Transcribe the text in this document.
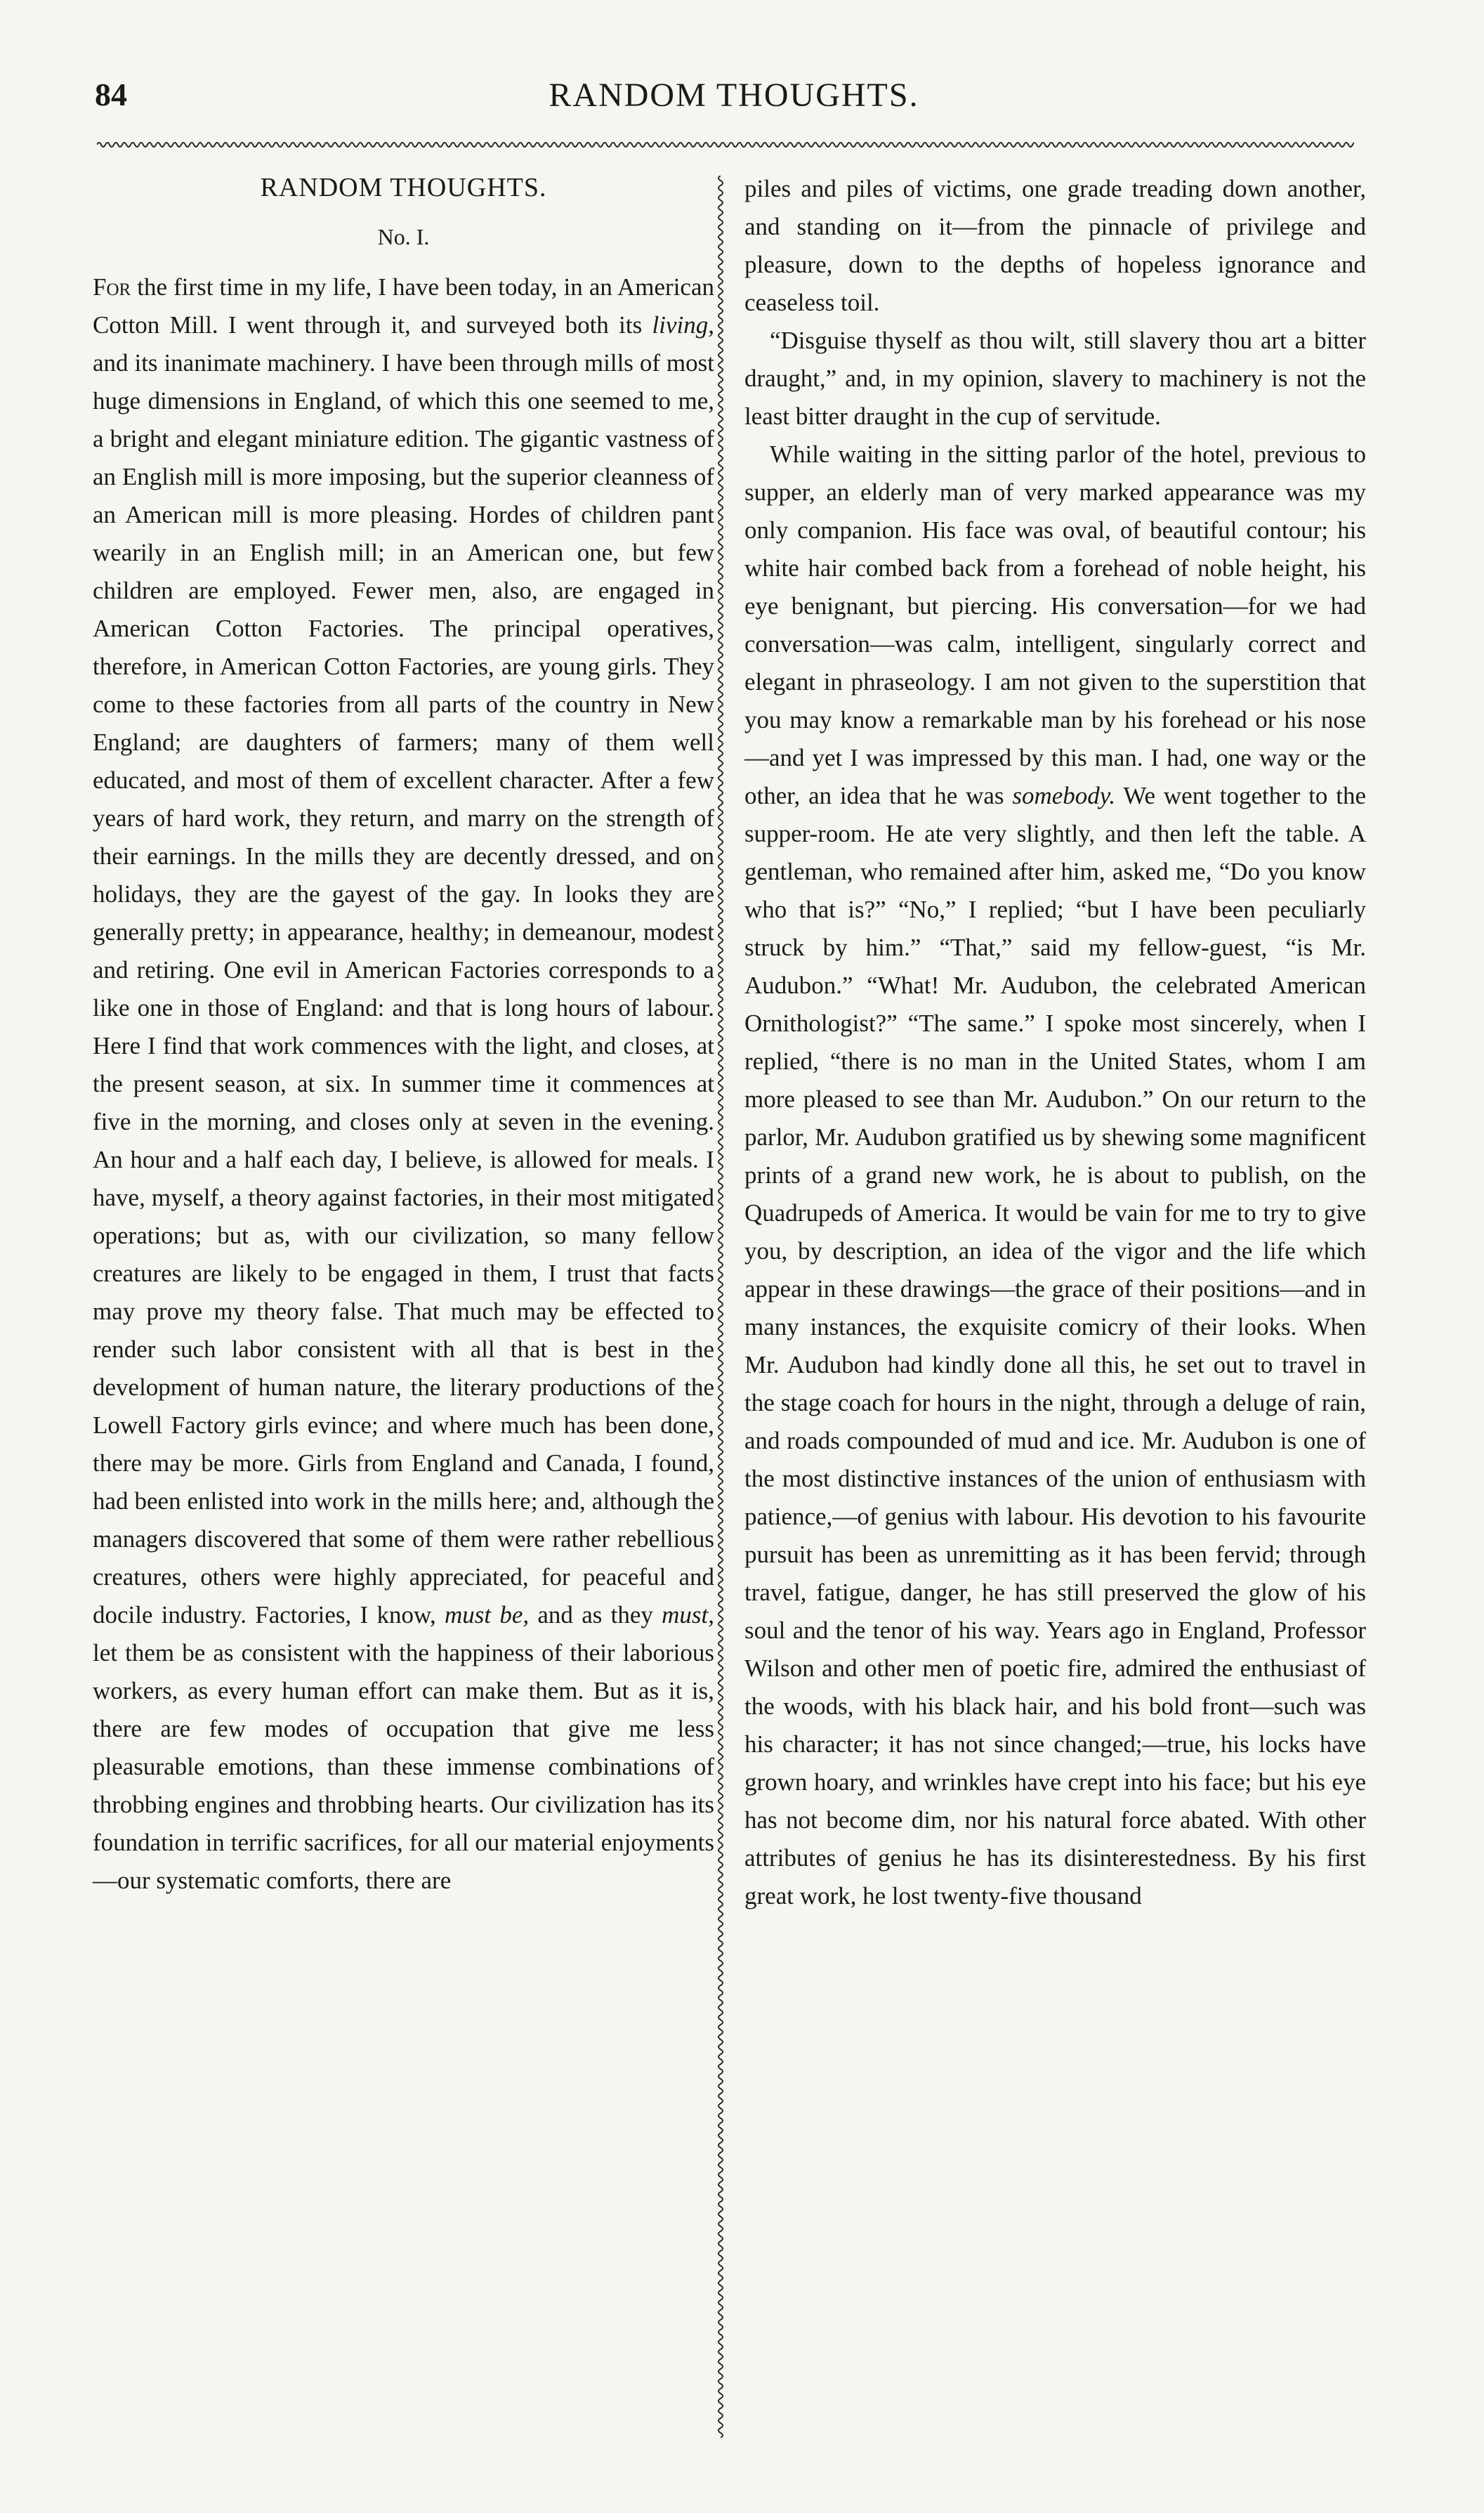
84	RANDOM THOUGHTS.
RANDOM THOUGHTS.
No. I.

For the first time in my life, I have been today, in an American Cotton Mill. I went through it, and surveyed both its living, and its inanimate machinery. I have been through mills of most huge dimensions in England, of which this one seemed to me, a bright and elegant miniature edition. The gigantic vastness of an English mill is more imposing, but the superior cleanness of an American mill is more pleasing. Hordes of children pant wearily in an English mill; in an American one, but few children are employed. Fewer men, also, are engaged in American Cotton Factories. The principal operatives, therefore, in American Cotton Factories, are young girls. They come to these factories from all parts of the country in New England; are daughters of farmers; many of them well educated, and most of them of excellent character. After a few years of hard work, they return, and marry on the strength of their earnings. In the mills they are decently dressed, and on holidays, they are the gayest of the gay. In looks they are generally pretty; in appearance, healthy; in demeanour, modest and retiring. One evil in American Factories corresponds to a like one in those of England: and that is long hours of labour. Here I find that work commences with the light, and closes, at the present season, at six. In summer time it commences at five in the morning, and closes only at seven in the evening. An hour and a half each day, I believe, is allowed for meals. I have, myself, a theory against factories, in their most mitigated operations; but as, with our civilization, so many fellow creatures are likely to be engaged in them, I trust that facts may prove my theory false. That much may be effected to render such labor consistent with all that is best in the development of human nature, the literary productions of the Lowell Factory girls evince; and where much has been done, there may be more. Girls from England and Canada, I found, had been enlisted into work in the mills here; and, although the managers discovered that some of them were rather rebellious creatures, others were highly appreciated, for peaceful and docile industry. Factories, I know, must be, and as they must, let them be as consistent with the happiness of their laborious workers, as every human effort can make them. But as it is, there are few modes of occupation that give me less pleasurable emotions, than these immense combinations of throbbing engines and throbbing hearts. Our civilization has its foundation in terrific sacrifices, for all our material enjoyments—our systematic comforts, there are

piles and piles of victims, one grade treading down another, and standing on it—from the pinnacle of privilege and pleasure, down to the depths of hopeless ignorance and ceaseless toil.

“Disguise thyself as thou wilt, still slavery thou art a bitter draught,” and, in my opinion, slavery to machinery is not the least bitter draught in the cup of servitude.

While waiting in the sitting parlor of the hotel, previous to supper, an elderly man of very marked appearance was my only companion. His face was oval, of beautiful contour; his white hair combed back from a forehead of noble height, his eye benignant, but piercing. His conversation—for we had conversation—was calm, intelligent, singularly correct and elegant in phraseology. I am not given to the superstition that you may know a remarkable man by his forehead or his nose—and yet I was impressed by this man. I had, one way or the other, an idea that he was somebody. We went together to the supper-room. He ate very slightly, and then left the table. A gentleman, who remained after him, asked me, “Do you know who that is?” “No,” I replied; “but I have been peculiarly struck by him.” “That,” said my fellow-guest, “is Mr. Audubon.” “What! Mr. Audubon, the celebrated American Ornithologist?” “The same.” I spoke most sincerely, when I replied, “there is no man in the United States, whom I am more pleased to see than Mr. Audubon.” On our return to the parlor, Mr. Audubon gratified us by shewing some magnificent prints of a grand new work, he is about to publish, on the Quadrupeds of America. It would be vain for me to try to give you, by description, an idea of the vigor and the life which appear in these drawings—the grace of their positions—and in many instances, the exquisite comicry of their looks. When Mr. Audubon had kindly done all this, he set out to travel in the stage coach for hours in the night, through a deluge of rain, and roads compounded of mud and ice. Mr. Audubon is one of the most distinctive instances of the union of enthusiasm with patience,—of genius with labour. His devotion to his favourite pursuit has been as unremitting as it has been fervid; through travel, fatigue, danger, he has still preserved the glow of his soul and the tenor of his way. Years ago in England, Professor Wilson and other men of poetic fire, admired the enthusiast of the woods, with his black hair, and his bold front—such was his character; it has not since changed;—true, his locks have grown hoary, and wrinkles have crept into his face; but his eye has not become dim, nor his natural force abated. With other attributes of genius he has its disinterestedness. By his first great work, he lost twenty-five thousand
